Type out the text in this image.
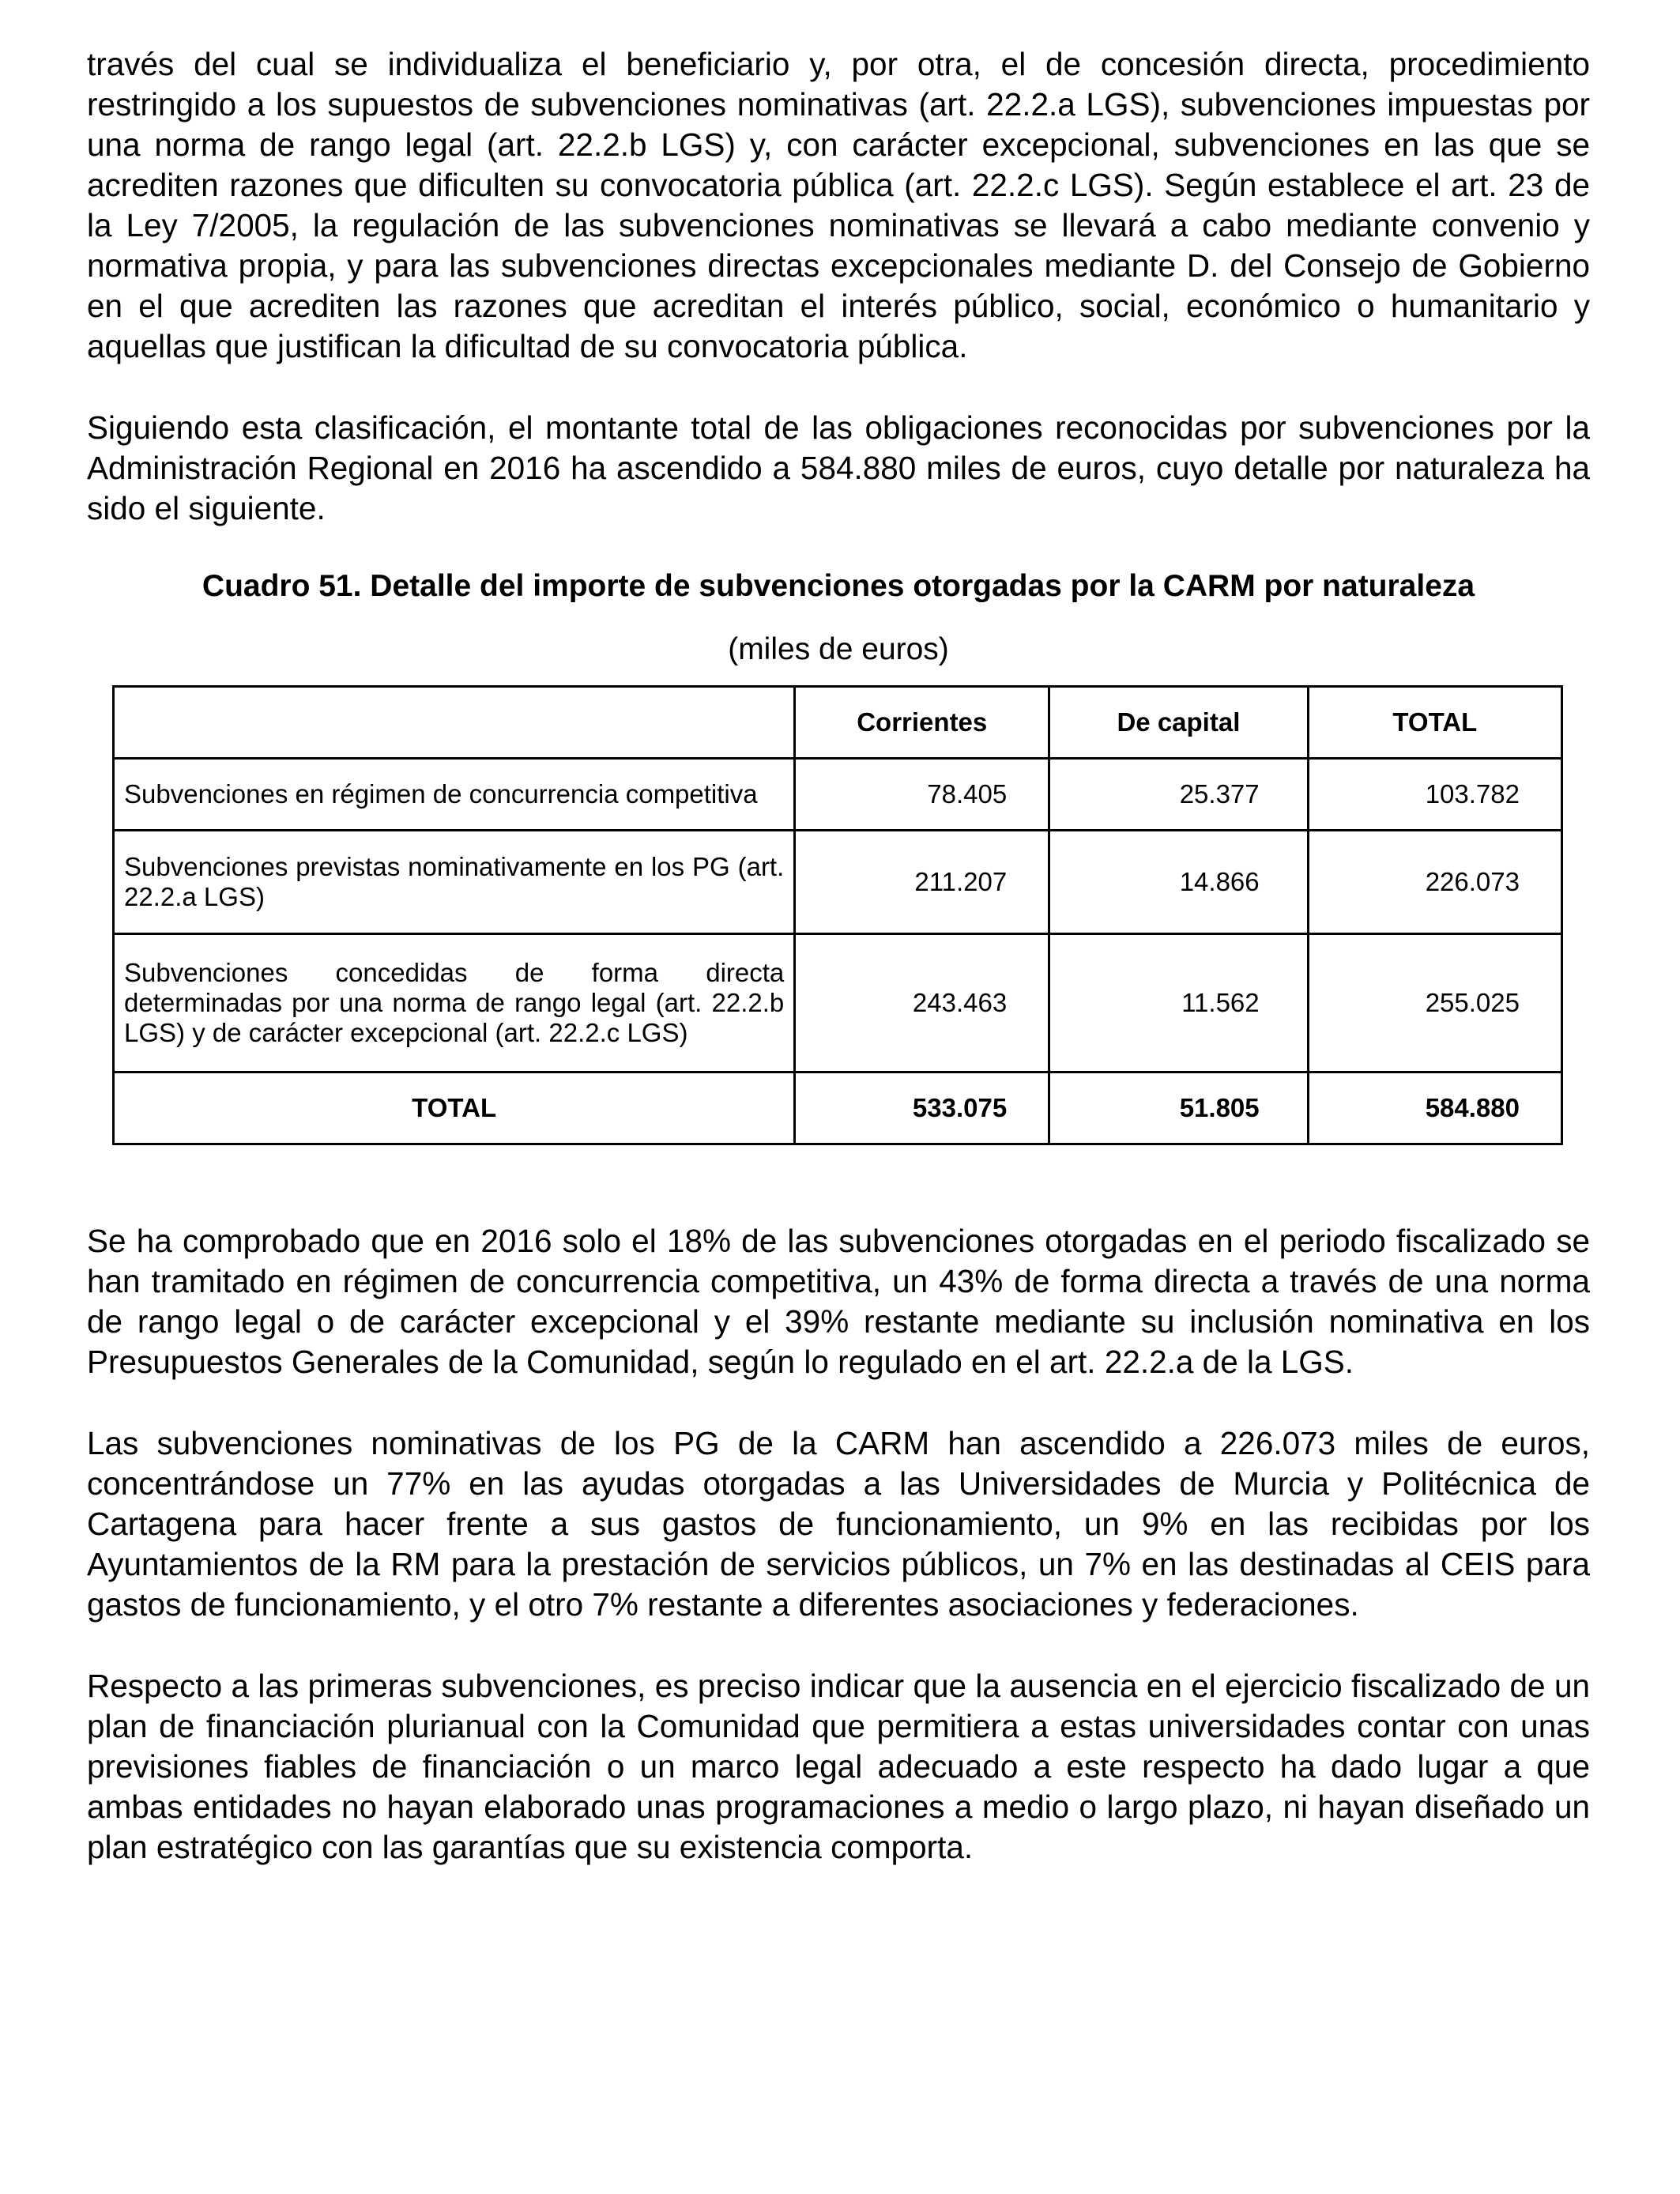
través del cual se individualiza el beneficiario y, por otra, el de concesión directa, procedimiento restringido a los supuestos de subvenciones nominativas (art. 22.2.a LGS), subvenciones impuestas por una norma de rango legal (art. 22.2.b LGS) y, con carácter excepcional, subvenciones en las que se acrediten razones que dificulten su convocatoria pública (art. 22.2.c LGS). Según establece el art. 23 de la Ley 7/2005, la regulación de las subvenciones nominativas se llevará a cabo mediante convenio y normativa propia, y para las subvenciones directas excepcionales mediante D. del Consejo de Gobierno en el que acrediten las razones que acreditan el interés público, social, económico o humanitario y aquellas que justifican la dificultad de su convocatoria pública.

Siguiendo esta clasificación, el montante total de las obligaciones reconocidas por subvenciones por la Administración Regional en 2016 ha ascendido a 584.880 miles de euros, cuyo detalle por naturaleza ha sido el siguiente.

Cuadro 51. Detalle del importe de subvenciones otorgadas por la CARM por naturaleza

(miles de euros)

	Corrientes	De capital	TOTAL
Subvenciones en régimen de concurrencia competitiva	78.405	25.377	103.782
Subvenciones previstas nominativamente en los PG (art. 22.2.a LGS)	211.207	14.866	226.073
Subvenciones concedidas de forma directa determinadas por una norma de rango legal (art. 22.2.b LGS) y de carácter excepcional (art. 22.2.c LGS)	243.463	11.562	255.025
TOTAL	533.075	51.805	584.880

Se ha comprobado que en 2016 solo el 18% de las subvenciones otorgadas en el periodo fiscalizado se han tramitado en régimen de concurrencia competitiva, un 43% de forma directa a través de una norma de rango legal o de carácter excepcional y el 39% restante mediante su inclusión nominativa en los Presupuestos Generales de la Comunidad, según lo regulado en el art. 22.2.a de la LGS.

Las subvenciones nominativas de los PG de la CARM han ascendido a 226.073 miles de euros, concentrándose un 77% en las ayudas otorgadas a las Universidades de Murcia y Politécnica de Cartagena para hacer frente a sus gastos de funcionamiento, un 9% en las recibidas por los Ayuntamientos de la RM para la prestación de servicios públicos, un 7% en las destinadas al CEIS para gastos de funcionamiento, y el otro 7% restante a diferentes asociaciones y federaciones.

Respecto a las primeras subvenciones, es preciso indicar que la ausencia en el ejercicio fiscalizado de un plan de financiación plurianual con la Comunidad que permitiera a estas universidades contar con unas previsiones fiables de financiación o un marco legal adecuado a este respecto ha dado lugar a que ambas entidades no hayan elaborado unas programaciones a medio o largo plazo, ni hayan diseñado un plan estratégico con las garantías que su existencia comporta.
